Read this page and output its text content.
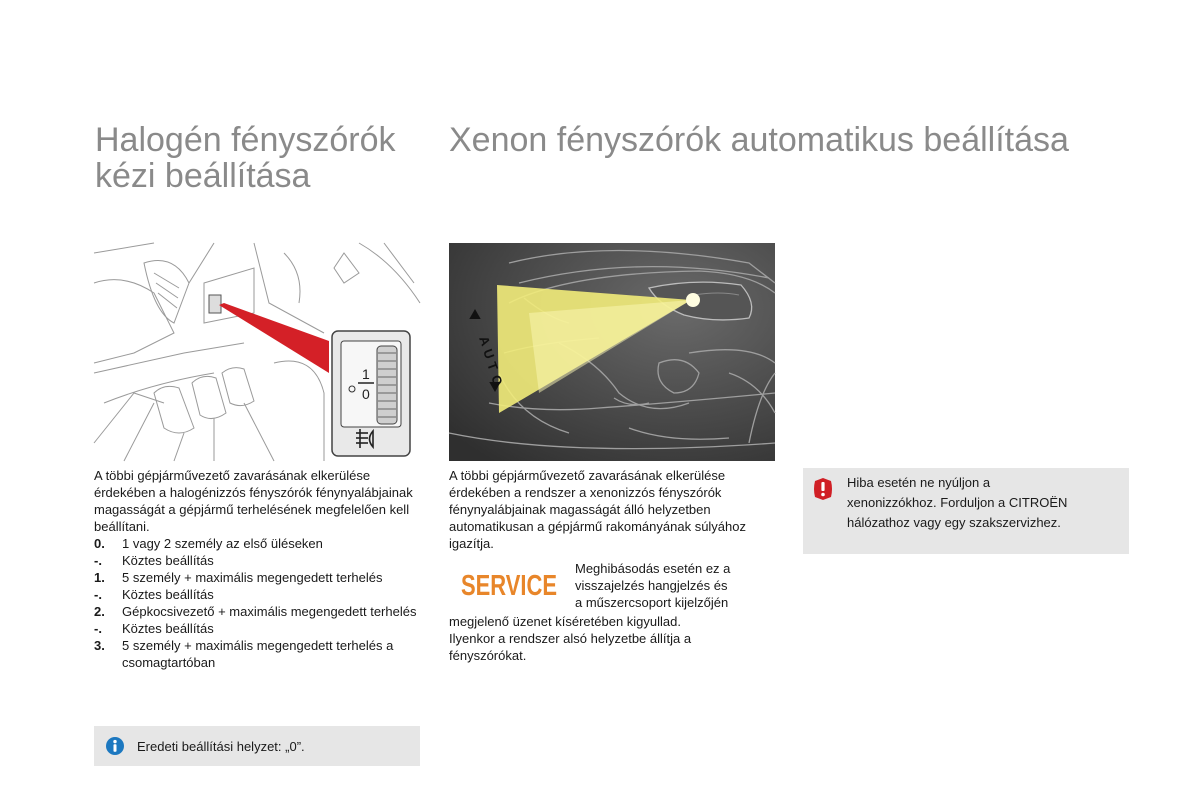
Halogén fényszórók
kézi beállítása
Xenon fényszórók automatikus beállítása
1
0
A
U
T
O

A többi gépjárművezető zavarásának elkerülése érdekében a halogénizzós fényszórók fénynyalábjainak magasságát a gépjármű terhelésének megfelelően kell beállítani.

0.	1 vagy 2 személy az első üléseken
-.	Köztes beállítás
1.	5 személy + maximális megengedett terhelés
-.	Köztes beállítás
2.	Gépkocsivezető + maximális megengedett terhelés
-.	Köztes beállítás
3.	5 személy + maximális megengedett terhelés a csomagtartóban
Eredeti beállítási helyzet: „0”.

A többi gépjárművezető zavarásának elkerülése érdekében a rendszer a xenonizzós fényszórók fénynyalábjainak magasságát álló helyzetben automatikusan a gépjármű rakományának súlyához igazítja.

SERVICE
Meghibásodás esetén ez a
visszajelzés hangjelzés és
a műszercsoport kijelzőjén
megjelenő üzenet kíséretében kigyullad.
Ilyenkor a rendszer alsó helyzetbe állítja a
fényszórókat.
Hiba esetén ne nyúljon a
xenonizzókhoz. Forduljon a CITROËN
hálózathoz vagy egy szakszervizhez.
